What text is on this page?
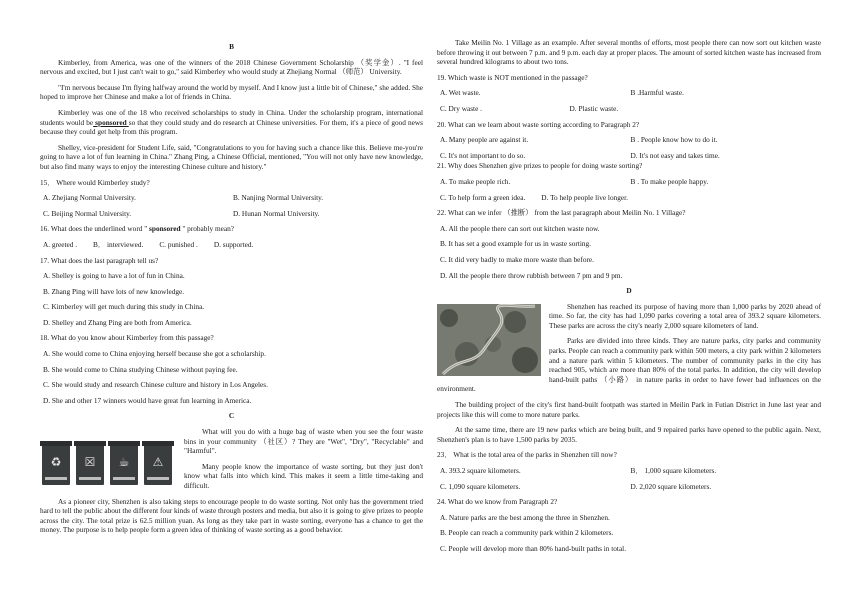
B

Kimberley, from America, was one of the winners of the 2018 Chinese Government Scholarship （奖学金）. "I feel nervous and excited, but I just can't wait to go," said Kimberley who would study at Zhejiang Normal （师范） University.

"I'm nervous because I'm flying halfway around the world by myself. And I know just a little bit of Chinese," she added. She hoped to improve her Chinese and make a lot of friends in China.

Kimberley was one of the 18 who received scholarships to study in China. Under the scholarship program, international students would be sponsored so that they could study and do research at Chinese universities. For them, it's a piece of good news because they could get help from this program.

Shelley, vice-president for Student Life, said, "Congratulations to you for having such a chance like this. Believe me-you're going to have a lot of fun learning in China." Zhang Ping, a Chinese Official, mentioned, "You will not only have new knowledge, but also find many ways to enjoy the interesting Chinese culture and history."

15． Where would Kimberley study?
A. Zhejiang Normal University.	B. Nanjing Normal University.
C. Beijing Normal University.	D. Hunan Normal University.
16. What does the underlined word " sponsored " probably mean?
A. greeted . B． interviewed. C. punished . D. supported.
17. What does the last paragraph tell us?
A. Shelley is going to have a lot of fun in China.
B. Zhang Ping will have lots of new knowledge.
C. Kimberley will get much during this study in China.
D. Shelley and Zhang Ping are both from America.
18. What do you know about Kimberley from this passage?
A. She would come to China enjoying herself because she got a scholarship.
B. She would come to China studying Chinese without paying fee.
C. She would study and research Chinese culture and history in Los Angeles.
D. She and other 17 winners would have great fun learning in America.
C
♻ ☒ ☕ ⚠

What will you do with a huge bag of waste when you see the four waste bins in your community （社区）? They are "Wet", "Dry", "Recyclable" and "Harmful".

Many people know the importance of waste sorting, but they just don't know what falls into which kind. This makes it seem a little time-taking and difficult.

As a pioneer city, Shenzhen is also taking steps to encourage people to do waste sorting. Not only has the government tried hard to tell the public about the different four kinds of waste through posters and media, but also it is going to give prizes to people across the city. The total prize is 62.5 million yuan. As long as they take part in waste sorting, everyone has a chance to get the money. The purpose is to help people form a green idea of thinking of waste sorting as a good behavior.

Take Meilin No. 1 Village as an example. After several months of efforts, most people there can now sort out kitchen waste before throwing it out between 7 p.m. and 9 p.m. each day at proper places. The amount of sorted kitchen waste has increased from several hundred kilograms to about two tons.

19. Which waste is NOT mentioned in the passage?
A. Wet waste.	B .Harmful waste.
C. Dry waste .	D. Plastic waste.
20. What can we learn about waste sorting according to Paragraph 2?
A. Many people are against it.	B . People know how to do it.
C. It's not important to do so.	D. It's not easy and takes time.
21. Why does Shenzhen give prizes to people for doing waste sorting?
A. To make people rich.	B . To make people happy.
C. To help form a green idea. D. To help people live longer.
22. What can we infer （推断） from the last paragraph about Meilin No. 1 Village?
A. All the people there can sort out kitchen waste now.
B. It has set a good example for us in waste sorting.
C. It did very badly to make more waste than before.
D. All the people there throw rubbish between 7 pm and 9 pm.
D

Shenzhen has reached its purpose of having more than 1,000 parks by 2020 ahead of time. So far, the city has had 1,090 parks covering a total area of 393.2 square kilometers. These parks are across the city's nearly 2,000 square kilometers of land.

Parks are divided into three kinds. They are nature parks, city parks and community parks. People can reach a community park within 500 meters, a city park within 2 kilometers and a nature park within 5 kilometers. The number of community parks in the city has reached 905, which are more than 80% of the total parks. In addition, the city will develop hand-built paths （小路） in nature parks in order to have fewer bad influences on the environment.

The building project of the city's first hand-built footpath was started in Meilin Park in Futian District in June last year and projects like this will come to more nature parks.

At the same time, there are 19 new parks which are being built, and 9 repaired parks have opened to the public again. Next, Shenzhen's plan is to have 1,500 parks by 2035.

23． What is the total area of the parks in Shenzhen till now?
A. 393.2 square kilometers.	B． 1,000 square kilometers.
C. 1,090 square kilometers.	D. 2,020 square kilometers.
24. What do we know from Paragraph 2?
A. Nature parks are the best among the three in Shenzhen.
B. People can reach a community park within 2 kilometers.
C. People will develop more than 80% hand-built paths in total.
